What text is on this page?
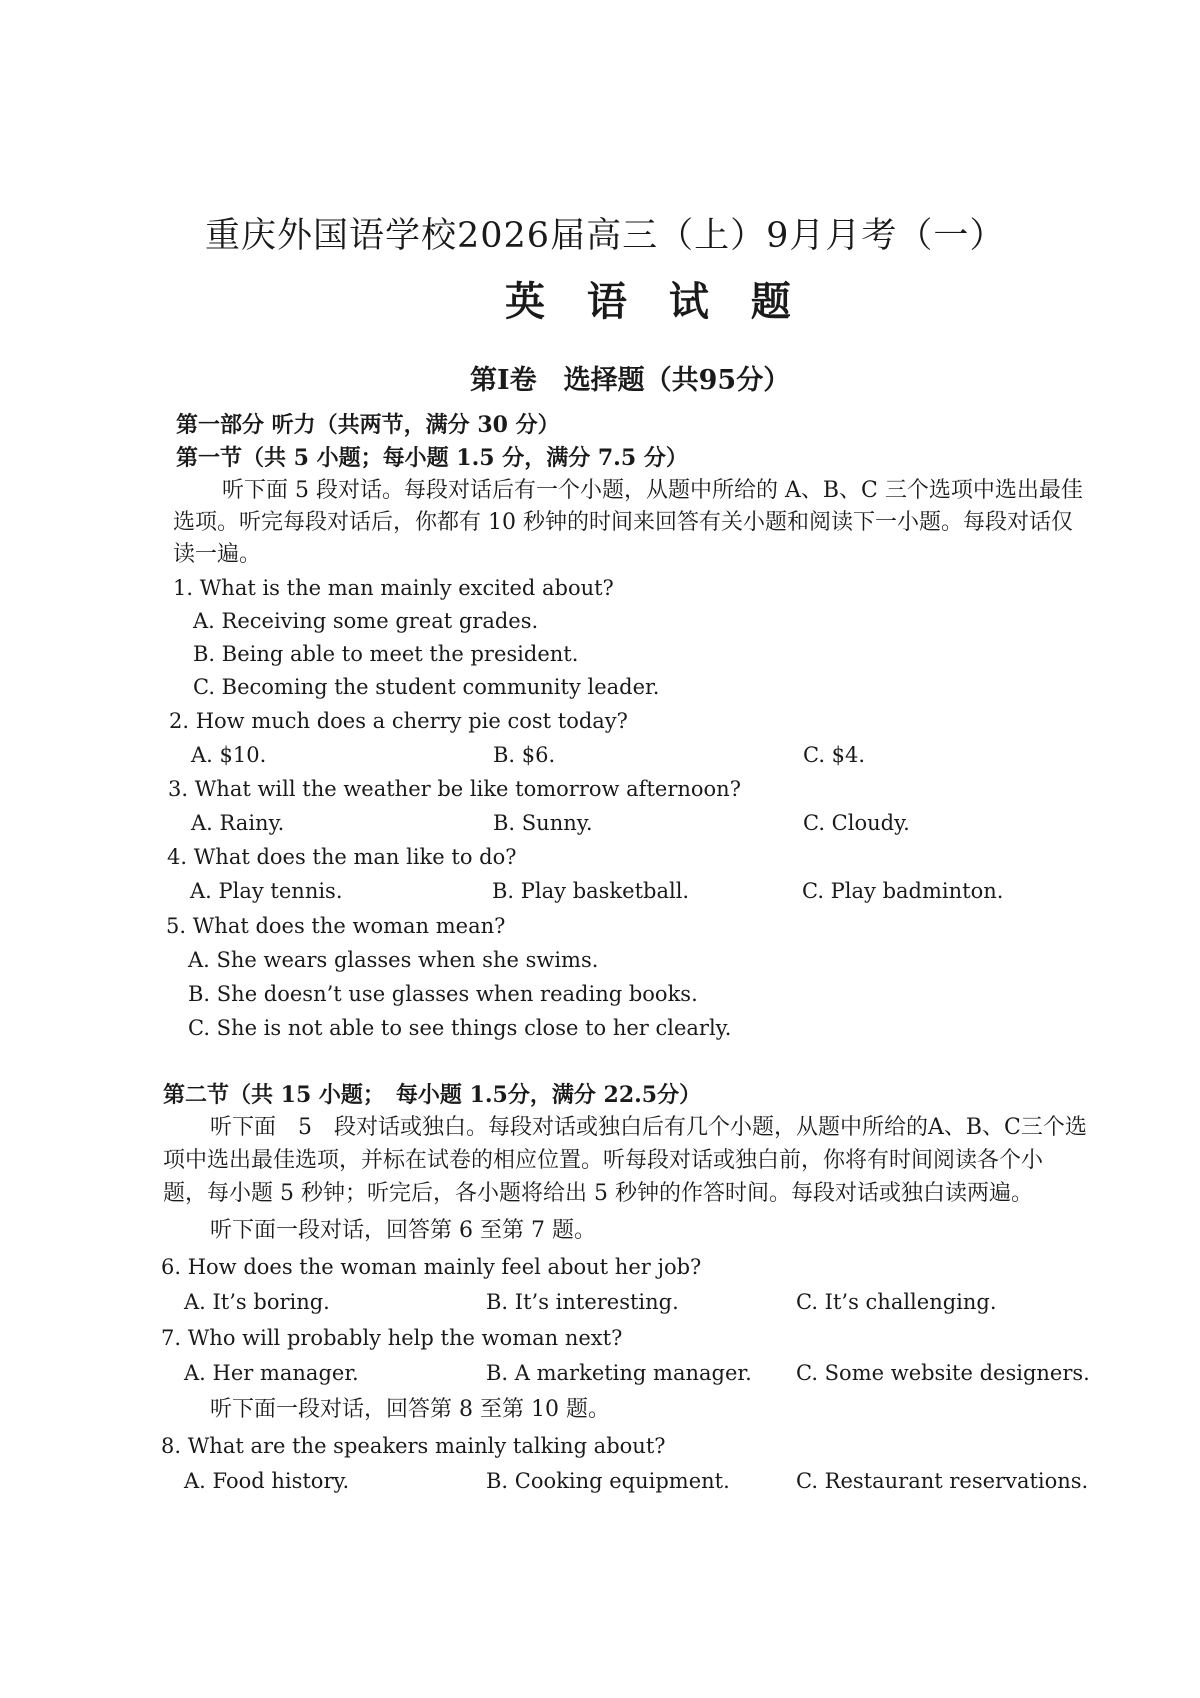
重庆外国语学校2026届高三（上）9月月考（一）
英 语 试 题
第Ⅰ卷　选择题（共95分）
第一部分 听力（共两节，满分 30 分）
第一节（共 5 小题；每小题 1.5 分，满分 7.5 分）
听下面 5 段对话。每段对话后有一个小题，从题中所给的 A、B、C 三个选项中选出最佳
选项。听完每段对话后，你都有 10 秒钟的时间来回答有关小题和阅读下一小题。每段对话仅
读一遍。
1. What is the man mainly excited about?
A. Receiving some great grades.
B. Being able to meet the president.
C. Becoming the student community leader.
2. How much does a cherry pie cost today?
A. $10.	B. $6.	C. $4.
3. What will the weather be like tomorrow afternoon?
A. Rainy.	B. Sunny.	C. Cloudy.
4. What does the man like to do?
A. Play tennis.	B. Play basketball.	C. Play badminton.
5. What does the woman mean?
A. She wears glasses when she swims.
B. She doesn’t use glasses when reading books.
C. She is not able to see things close to her clearly.
第二节（共 15 小题；　每小题 1.5分，满分 22.5分）
听下面　5　段对话或独白。每段对话或独白后有几个小题，从题中所给的A、B、C三个选
项中选出最佳选项，并标在试卷的相应位置。听每段对话或独白前，你将有时间阅读各个小
题，每小题 5 秒钟；听完后，各小题将给出 5 秒钟的作答时间。每段对话或独白读两遍。
听下面一段对话，回答第 6 至第 7 题。
6. How does the woman mainly feel about her job?
A. It’s boring.	B. It’s interesting.	C. It’s challenging.
7. Who will probably help the woman next?
A. Her manager.	B. A marketing manager.	C. Some website designers.
听下面一段对话，回答第 8 至第 10 题。
8. What are the speakers mainly talking about?
A. Food history.	B. Cooking equipment.	C. Restaurant reservations.
